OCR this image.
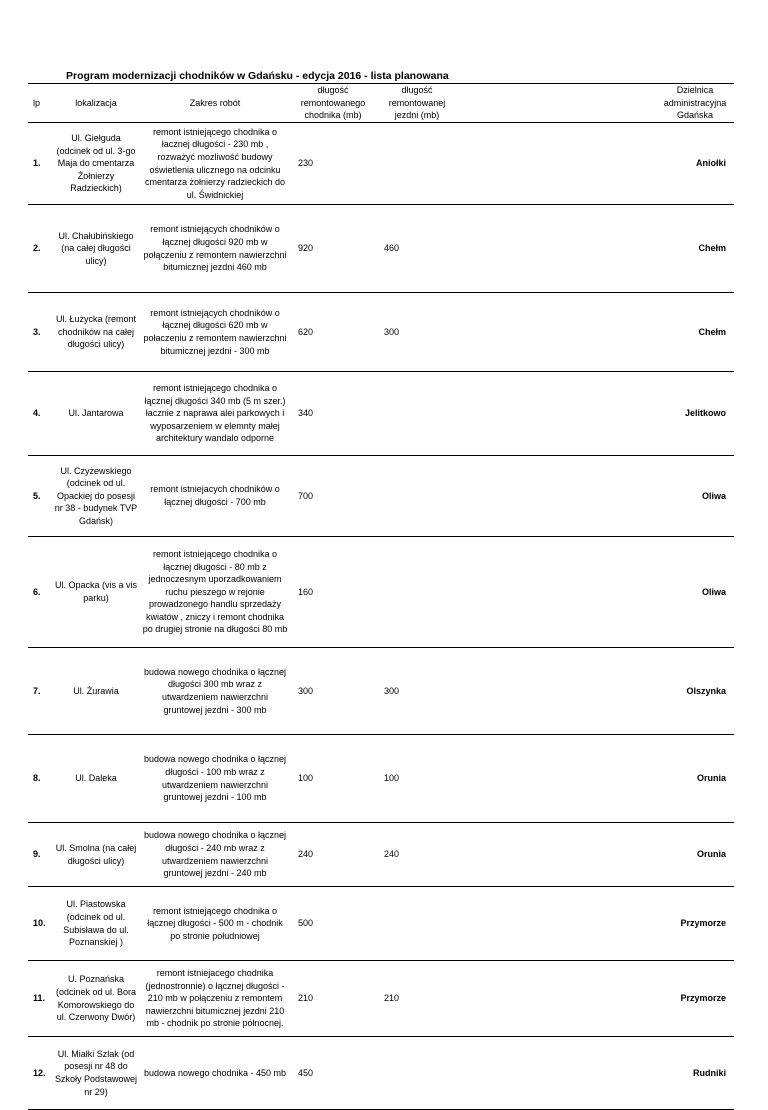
Program modernizacji chodników w Gdańsku - edycja 2016 - lista planowana
lp	lokalizacja	Zakres robót	długość remontowanego chodnika (mb)	długość remontowanej jezdni (mb)	Dzielnica administracyjna Gdańska
1.	Ul. Giełguda (odcinek od ul. 3-go Maja do cmentarza Żołnierzy Radzieckich)	remont istniejącego chodnika o łacznej długości - 230 mb , rozważyć mozliwość budowy oświetlenia ulicznego na odcinku cmentarza żołnierzy radzieckich do ul. Świdnickiej	230		Aniołki
2.	Ul. Chałubińskiego (na całej długości ulicy)	remont istniejących chodników o łącznej długości 920 mb w połączeniu z remontem nawierzchni bitumicznej jezdni 460 mb	920	460	Chełm
3.	Ul. Łużycka (remont chodników na całej długości ulicy)	remont istniejących chodników o łącznej długości 620 mb w połaczeniu z remontem nawierzchni bitumicznej jezdni - 300 mb	620	300	Chełm
4.	Ul. Jantarowa	remont istniejącego chodnika o łącznej długości 340 mb (5 m szer.) łacznie z naprawa alei parkowych i wyposarzeniem w elemnty małej architektury wandalo odporne	340		Jelitkowo
5.	Ul. Czyżewskiego (odcinek od ul. Opackiej do posesji nr 38 - budynek TVP Gdańsk)	remont istniejacych chodników o łącznej długości - 700 mb	700		Oliwa
6.	Ul. Opacka (vis a vis parku)	remont istniejącego chodnika o łącznej długości - 80 mb z jednoczesnym uporzadkowaniem ruchu pieszego w rejonie prowadzonego handlu sprzedaży kwiatów , zniczy i remont chodnika po drugiej stronie na długości 80 mb	160		Oliwa
7.	Ul. Żurawia	budowa nowego chodnika o łącznej długości 300 mb wraz z utwardzeniem nawierzchni gruntowej jezdni - 300 mb	300	300	Olszynka
8.	Ul. Daleka	budowa nowego chodnika o łącznej długości - 100 mb wraz z utwardzeniem nawierzchni gruntowej jezdni - 100 mb	100	100	Orunia
9.	Ul. Smolna (na całej długości ulicy)	budowa nowego chodnika o łącznej długości - 240 mb wraz z utwardzeniem nawierzchni gruntowej jezdni - 240 mb	240	240	Orunia
10.	Ul. Piastowska (odcinek od ul. Subisława do ul. Poznanskiej )	remont istniejącego chodnika o łącznej długości - 500 m - chodnik po stronie południowej	500		Przymorze
11.	U. Poznańska (odcinek od ul. Bora Komorowskiego do ul. Czerwony Dwór)	remont istniejacego chodnika (jednostronnie) o łącznej długości - 210 mb w połączeniu z remontem nawierzchni bitumicznej jezdni 210 mb - chodnik po stronie północnej.	210	210	Przymorze
12.	Ul. Miałki Szlak (od posesji nr 48 do Szkoły Podstawowej nr 29)	budowa nowego chodnika - 450 mb	450		Rudniki
